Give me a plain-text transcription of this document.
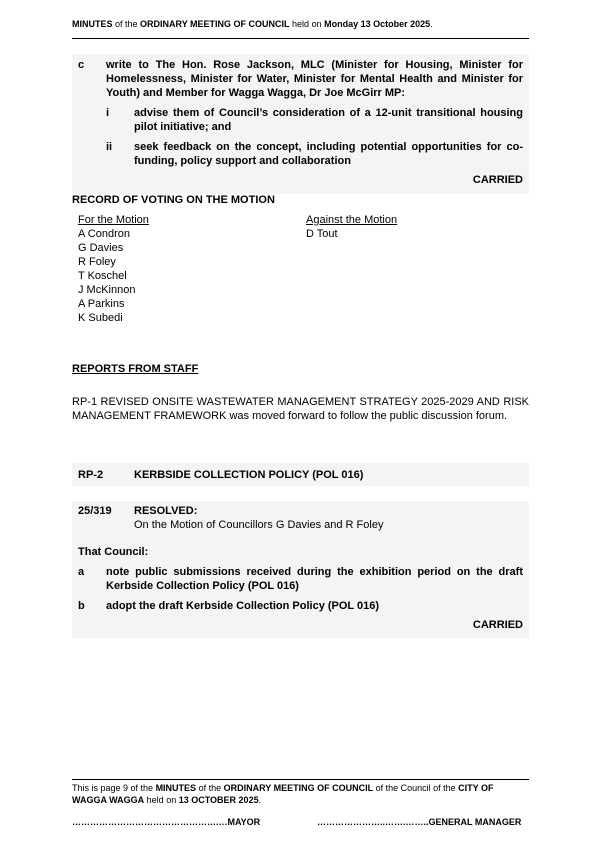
MINUTES of the ORDINARY MEETING OF COUNCIL held on Monday 13 October 2025.
c write to The Hon. Rose Jackson, MLC (Minister for Housing, Minister for Homelessness, Minister for Water, Minister for Mental Health and Minister for Youth) and Member for Wagga Wagga, Dr Joe McGirr MP:
i advise them of Council’s consideration of a 12-unit transitional housing pilot initiative; and
ii seek feedback on the concept, including potential opportunities for co-funding, policy support and collaboration
CARRIED
RECORD OF VOTING ON THE MOTION
For the Motion
A Condron
G Davies
R Foley
T Koschel
J McKinnon
A Parkins
K Subedi
Against the Motion
D Tout
REPORTS FROM STAFF
RP-1 REVISED ONSITE WASTEWATER MANAGEMENT STRATEGY 2025-2029 AND RISK MANAGEMENT FRAMEWORK was moved forward to follow the public discussion forum.
RP-2	KERBSIDE COLLECTION POLICY (POL 016)
25/319 RESOLVED:
On the Motion of Councillors G Davies and R Foley
That Council:
a note public submissions received during the exhibition period on the draft Kerbside Collection Policy (POL 016)
b adopt the draft Kerbside Collection Policy (POL 016)
CARRIED
This is page 9 of the MINUTES of the ORDINARY MEETING OF COUNCIL of the Council of the CITY OF WAGGA WAGGA held on 13 OCTOBER 2025.
………………………………………….…MAYOR	…………………..…….……..GENERAL MANAGER
